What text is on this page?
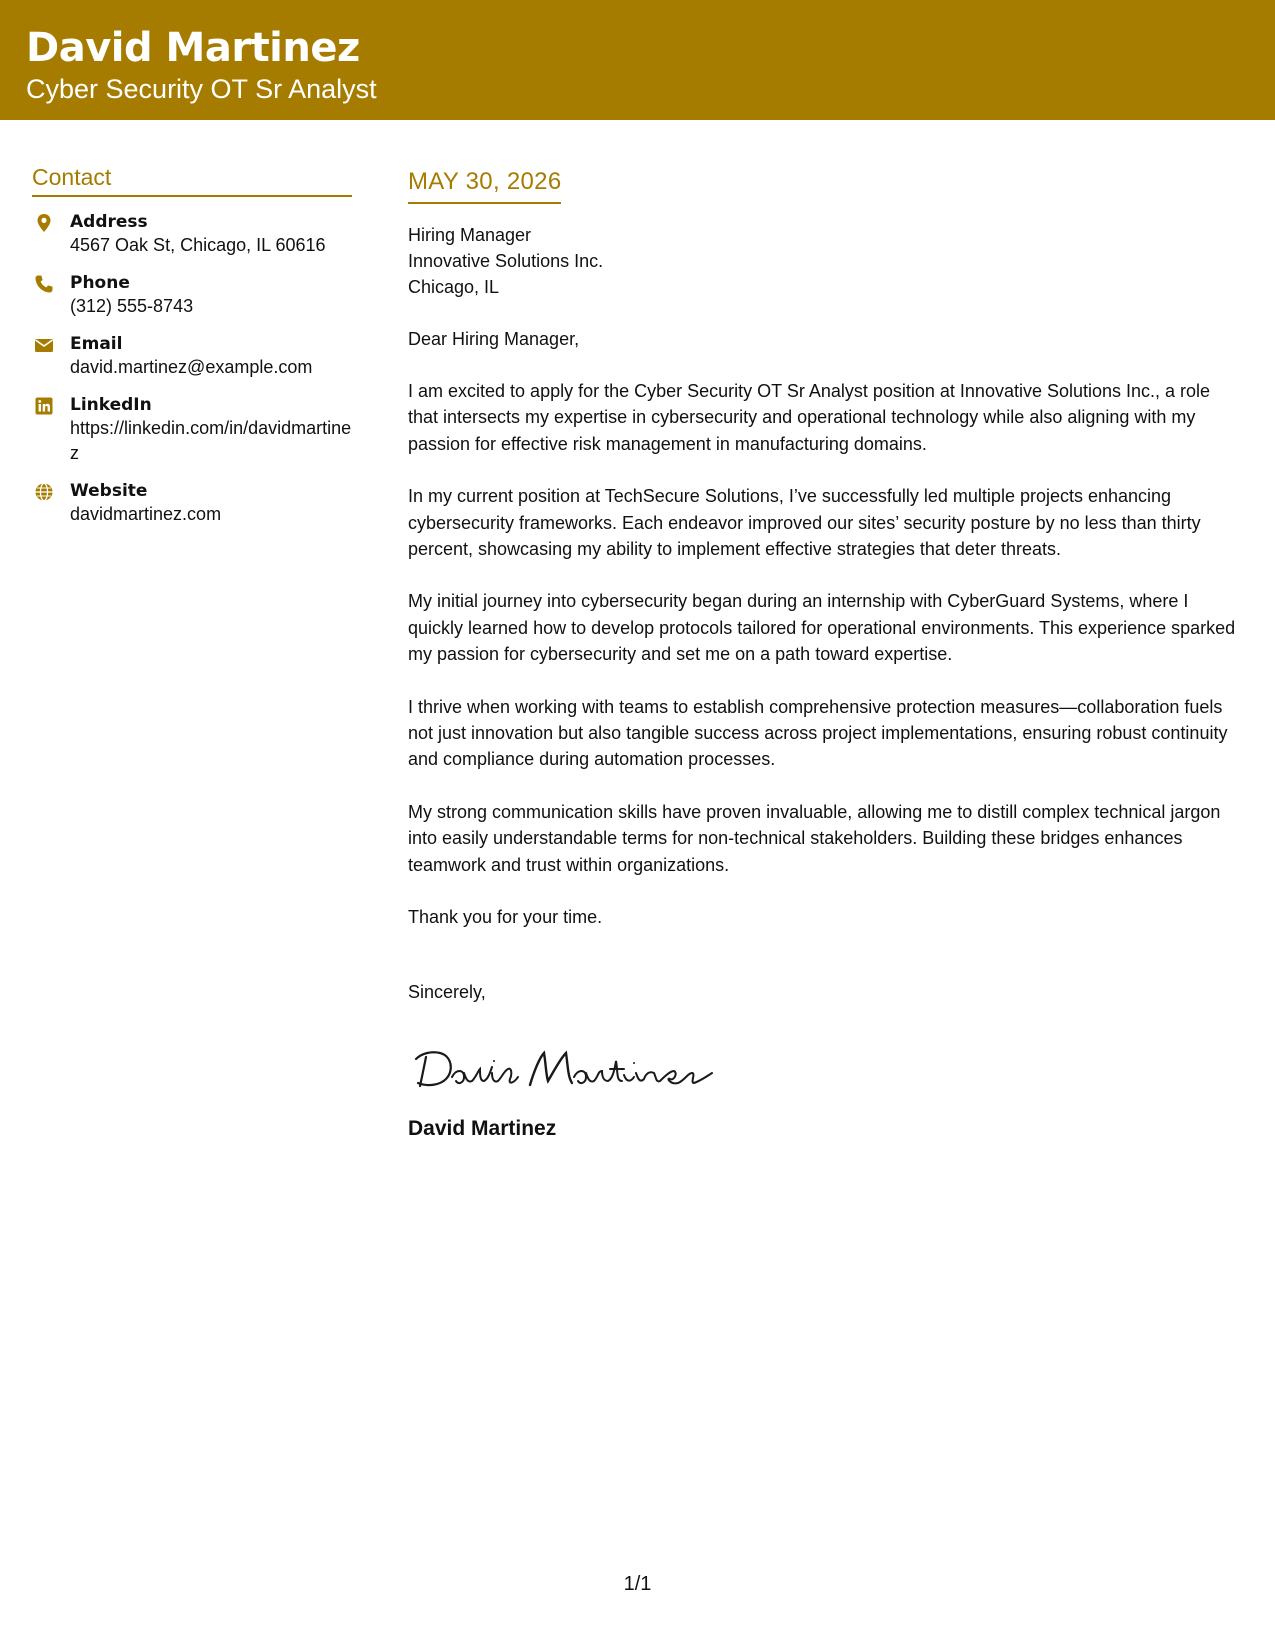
David Martinez
Cyber Security OT Sr Analyst
Contact
Address
4567 Oak St, Chicago, IL 60616
Phone
(312) 555-8743
Email
david.martinez@example.com
LinkedIn
https://linkedin.com/in/davidmartinez
Website
davidmartinez.com
MAY 30, 2026
Hiring Manager
Innovative Solutions Inc.
Chicago, IL
Dear Hiring Manager,
I am excited to apply for the Cyber Security OT Sr Analyst position at Innovative Solutions Inc., a role that intersects my expertise in cybersecurity and operational technology while also aligning with my passion for effective risk management in manufacturing domains.
In my current position at TechSecure Solutions, I’ve successfully led multiple projects enhancing cybersecurity frameworks. Each endeavor improved our sites’ security posture by no less than thirty percent, showcasing my ability to implement effective strategies that deter threats.
My initial journey into cybersecurity began during an internship with CyberGuard Systems, where I quickly learned how to develop protocols tailored for operational environments. This experience sparked my passion for cybersecurity and set me on a path toward expertise.
I thrive when working with teams to establish comprehensive protection measures—collaboration fuels not just innovation but also tangible success across project implementations, ensuring robust continuity and compliance during automation processes.
My strong communication skills have proven invaluable, allowing me to distill complex technical jargon into easily understandable terms for non-technical stakeholders. Building these bridges enhances teamwork and trust within organizations.
Thank you for your time.
Sincerely,
David Martinez
1/1
